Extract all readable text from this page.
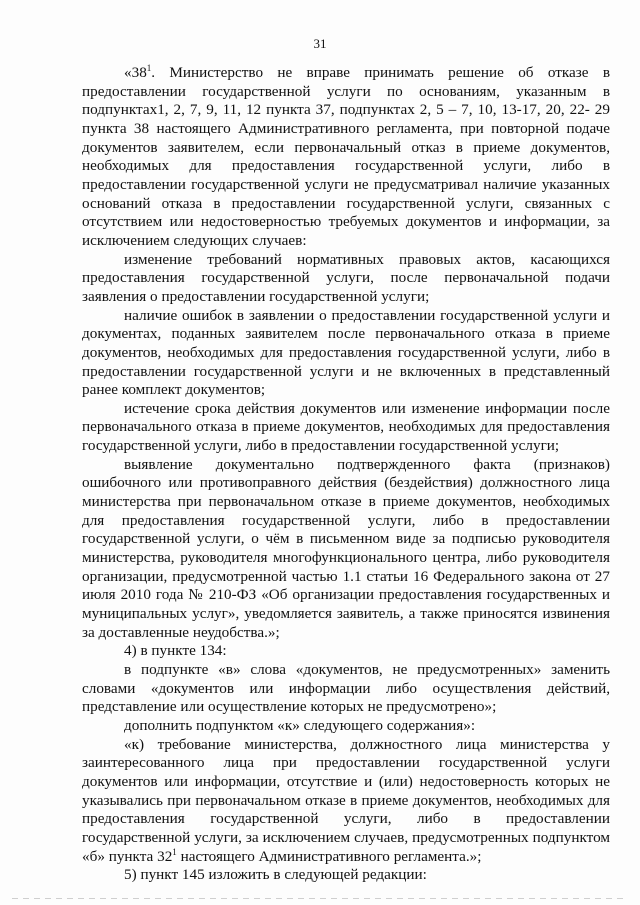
31

«$38^1$. Министерство не вправе принимать решение об отказе в предоставлении государственной услуги по основаниям, указанным в подпунктах1, 2, 7, 9, 11, 12 пункта 37, подпунктах 2, 5 – 7, 10, 13-17, 20, 22- 29 пункта 38 настоящего Административного регламента, при повторной подаче документов заявителем, если первоначальный отказ в приеме документов, необходимых для предоставления государственной услуги, либо в предоставлении государственной услуги не предусматривал наличие указанных оснований отказа в предоставлении государственной услуги, связанных с отсутствием или недостоверностью требуемых документов и информации, за исключением следующих случаев:

изменение требований нормативных правовых актов, касающихся предоставления государственной услуги, после первоначальной подачи заявления о предоставлении государственной услуги;

наличие ошибок в заявлении о предоставлении государственной услуги и документах, поданных заявителем после первоначального отказа в приеме документов, необходимых для предоставления государственной услуги, либо в предоставлении государственной услуги и не включенных в представленный ранее комплект документов;

истечение срока действия документов или изменение информации после первоначального отказа в приеме документов, необходимых для предоставления государственной услуги, либо в предоставлении государственной услуги;

выявление документально подтвержденного факта (признаков) ошибочного или противоправного действия (бездействия) должностного лица министерства при первоначальном отказе в приеме документов, необходимых для предоставления государственной услуги, либо в предоставлении государственной услуги, о чём в письменном виде за подписью руководителя министерства, руководителя многофункционального центра, либо руководителя организации, предусмотренной частью 1.1 статьи 16 Федерального закона от 27 июля 2010 года № 210-ФЗ «Об организации предоставления государственных и муниципальных услуг», уведомляется заявитель, а также приносятся извинения за доставленные неудобства.»;

4) в пункте 134:

в подпункте «в» слова «документов, не предусмотренных» заменить словами «документов или информации либо осуществления действий, представление или осуществление которых не предусмотрено»;

дополнить подпунктом «к» следующего содержания»:

«к) требование министерства, должностного лица министерства у заинтересованного лица при предоставлении государственной услуги документов или информации, отсутствие и (или) недостоверность которых не указывались при первоначальном отказе в приеме документов, необходимых для предоставления государственной услуги, либо в предоставлении государственной услуги, за исключением случаев, предусмотренных подпунктом «б» пункта $32^1$ настоящего Административного регламента.»;

5) пункт 145 изложить в следующей редакции:
